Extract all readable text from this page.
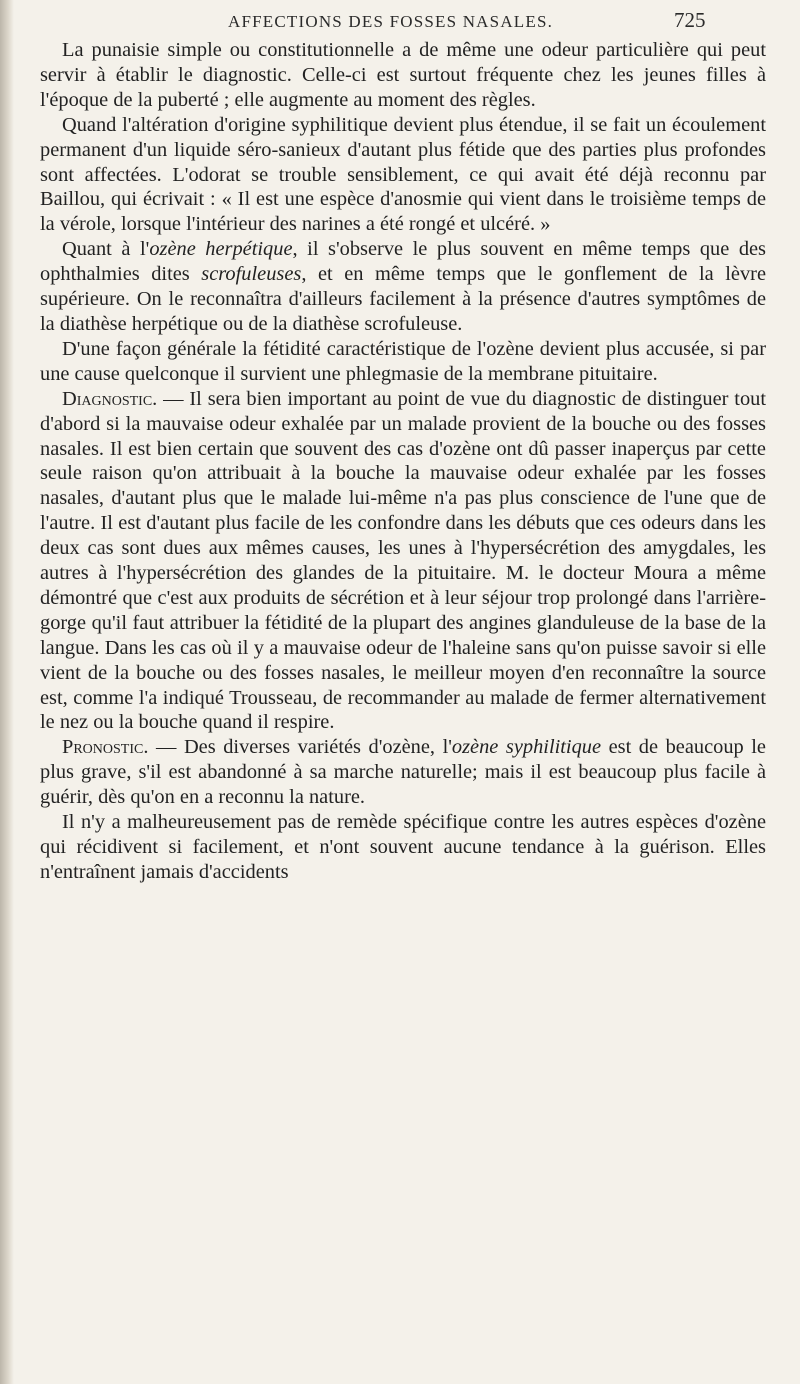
AFFECTIONS DES FOSSES NASALES.	725

La punaisie simple ou constitutionnelle a de même une odeur particulière qui peut servir à établir le diagnostic. Celle-ci est surtout fréquente chez les jeunes filles à l'époque de la puberté ; elle augmente au moment des règles.

Quand l'altération d'origine syphilitique devient plus étendue, il se fait un écoulement permanent d'un liquide séro-sanieux d'autant plus fétide que des parties plus profondes sont affectées. L'odorat se trouble sensiblement, ce qui avait été déjà reconnu par Baillou, qui écrivait : « Il est une espèce d'anosmie qui vient dans le troisième temps de la vérole, lorsque l'intérieur des narines a été rongé et ulcéré. »

Quant à l'ozène herpétique, il s'observe le plus souvent en même temps que des ophthalmies dites scrofuleuses, et en même temps que le gonflement de la lèvre supérieure. On le reconnaîtra d'ailleurs facilement à la présence d'autres symptômes de la diathèse herpétique ou de la diathèse scrofuleuse.

D'une façon générale la fétidité caractéristique de l'ozène devient plus accusée, si par une cause quelconque il survient une phlegmasie de la membrane pituitaire.

Diagnostic. — Il sera bien important au point de vue du diagnostic de distinguer tout d'abord si la mauvaise odeur exhalée par un malade provient de la bouche ou des fosses nasales. Il est bien certain que souvent des cas d'ozène ont dû passer inaperçus par cette seule raison qu'on attribuait à la bouche la mauvaise odeur exhalée par les fosses nasales, d'autant plus que le malade lui-même n'a pas plus conscience de l'une que de l'autre. Il est d'autant plus facile de les confondre dans les débuts que ces odeurs dans les deux cas sont dues aux mêmes causes, les unes à l'hypersécrétion des amygdales, les autres à l'hypersécrétion des glandes de la pituitaire. M. le docteur Moura a même démontré que c'est aux produits de sécrétion et à leur séjour trop prolongé dans l'arrière-gorge qu'il faut attribuer la fétidité de la plupart des angines glanduleuse de la base de la langue. Dans les cas où il y a mauvaise odeur de l'haleine sans qu'on puisse savoir si elle vient de la bouche ou des fosses nasales, le meilleur moyen d'en reconnaître la source est, comme l'a indiqué Trousseau, de recommander au malade de fermer alternativement le nez ou la bouche quand il respire.

Pronostic. — Des diverses variétés d'ozène, l'ozène syphilitique est de beaucoup le plus grave, s'il est abandonné à sa marche naturelle; mais il est beaucoup plus facile à guérir, dès qu'on en a reconnu la nature.

Il n'y a malheureusement pas de remède spécifique contre les autres espèces d'ozène qui récidivent si facilement, et n'ont souvent aucune tendance à la guérison. Elles n'entraînent jamais d'accidents
